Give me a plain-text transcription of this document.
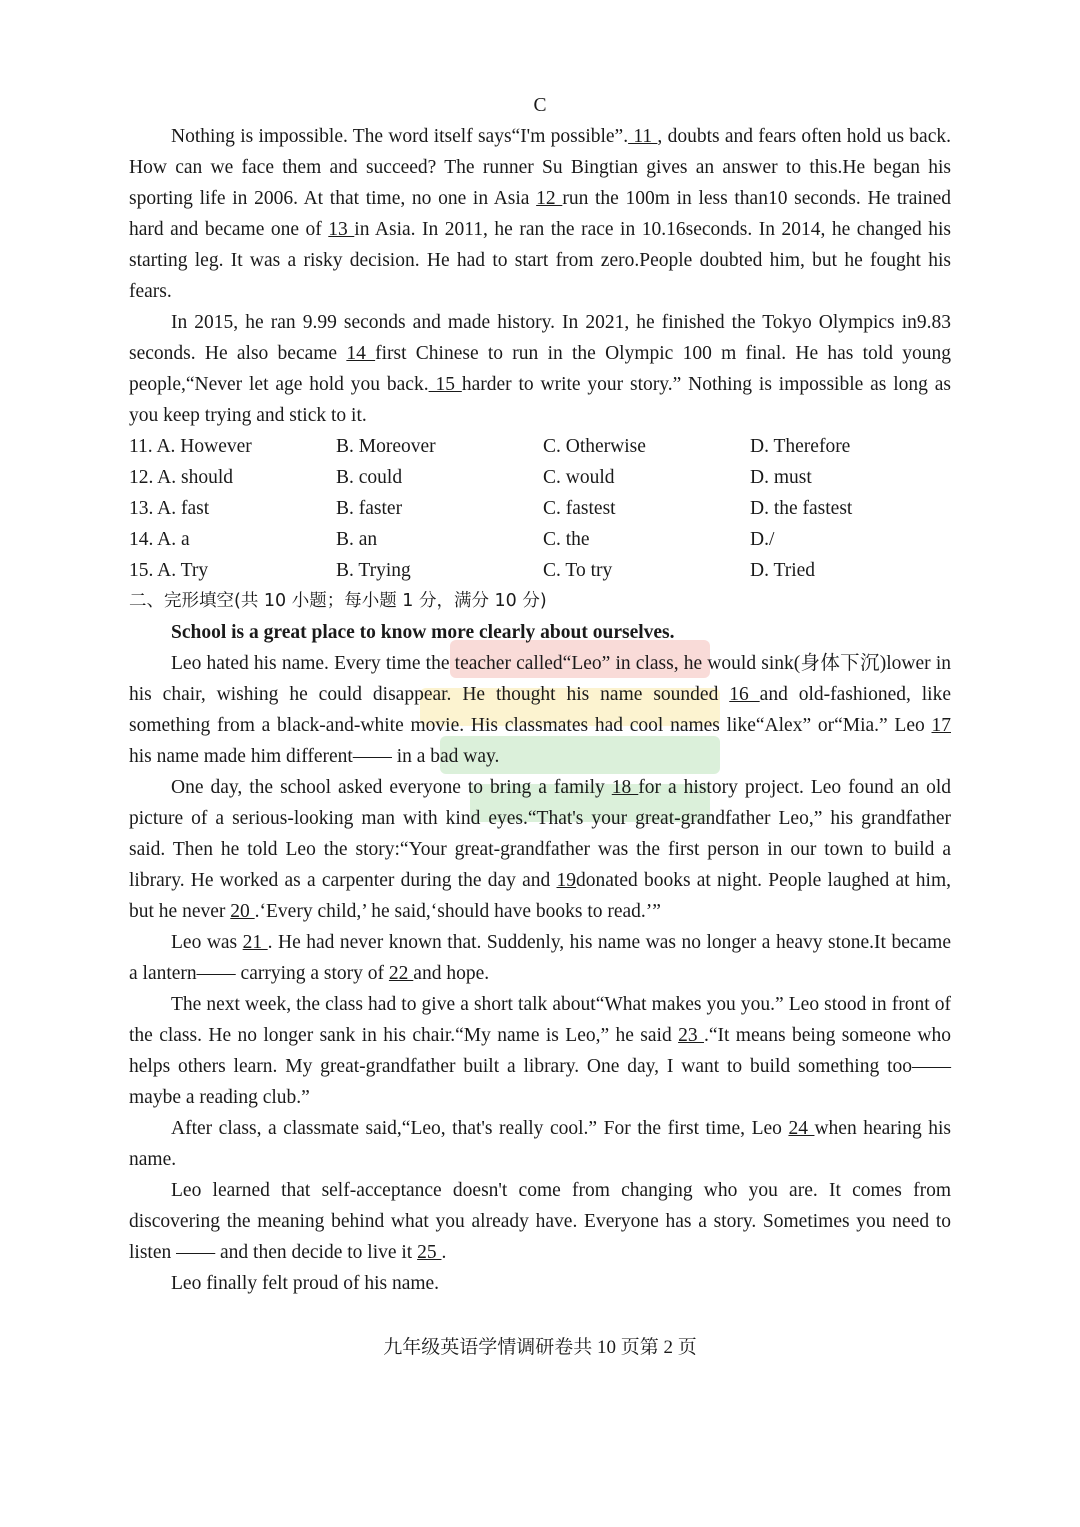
C

Nothing is impossible. The word itself says“I'm possible”. 11 , doubts and fears often hold us back. How can we face them and succeed? The runner Su Bingtian gives an answer to this.He began his sporting life in 2006. At that time, no one in Asia 12 run the 100m in less than10 seconds. He trained hard and became one of 13 in Asia. In 2011, he ran the race in 10.16seconds. In 2014, he changed his starting leg. It was a risky decision. He had to start from zero.People doubted him, but he fought his fears.

In 2015, he ran 9.99 seconds and made history. In 2021, he finished the Tokyo Olympics in9.83 seconds. He also became 14 first Chinese to run in the Olympic 100 m final. He has told young people,“Never let age hold you back. 15 harder to write your story.” Nothing is impossible as long as you keep trying and stick to it.

11. A. However	B. Moreover	C. Otherwise	D. Therefore
12. A. should	B. could	C. would	D. must
13. A. fast	B. faster	C. fastest	D. the fastest
14. A. a	B. an	C. the	D./
15. A. Try	B. Trying	C. To try	D. Tried
二、完形填空(共 10 小题；每小题 1 分，满分 10 分)
School is a great place to know more clearly about ourselves.

Leo hated his name. Every time the teacher called“Leo” in class, he would sink(身体下沉)lower in his chair, wishing he could disappear. He thought his name sounded 16 and old-fashioned, like something from a black-and-white movie. His classmates had cool names like“Alex” or“Mia.” Leo 17 his name made him different—— in a bad way.

One day, the school asked everyone to bring a family 18 for a history project. Leo found an old picture of a serious-looking man with kind eyes.“That's your great-grandfather Leo,” his grandfather said. Then he told Leo the story:“Your great-grandfather was the first person in our town to build a library. He worked as a carpenter during the day and 19donated books at night. People laughed at him, but he never 20 .‘Every child,’ he said,‘should have books to read.’”

Leo was 21 . He had never known that. Suddenly, his name was no longer a heavy stone.It became a lantern—— carrying a story of 22 and hope.

The next week, the class had to give a short talk about“What makes you you.” Leo stood in front of the class. He no longer sank in his chair.“My name is Leo,” he said 23 .“It means being someone who helps others learn. My great-grandfather built a library. One day, I want to build something too—— maybe a reading club.”

After class, a classmate said,“Leo, that's really cool.” For the first time, Leo 24 when hearing his name.

Leo learned that self-acceptance doesn't come from changing who you are. It comes from discovering the meaning behind what you already have. Everyone has a story. Sometimes you need to listen —— and then decide to live it 25 .

Leo finally felt proud of his name.

九年级英语学情调研卷共 10 页第 2 页
